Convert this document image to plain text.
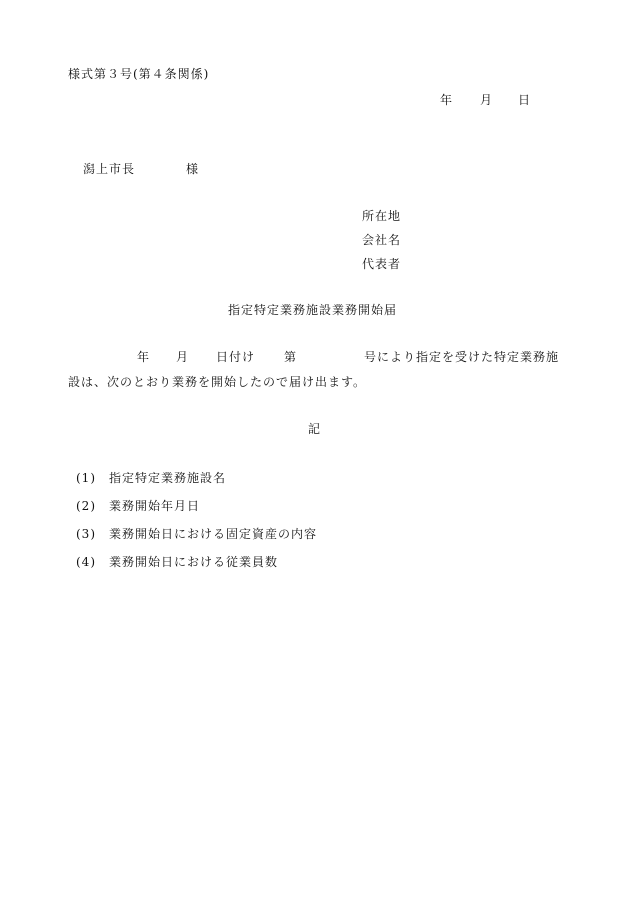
様式第３号(第４条関係)
年 月 日
潟上市長	様
所在地
会社名
代表者
指定特定業務施設業務開始届
年 月 日付け 第	号により指定を受けた特定業務施
設は、次のとおり業務を開始したので届け出ます。
記
(1) 指定特定業務施設名
(2) 業務開始年月日
(3) 業務開始日における固定資産の内容
(4) 業務開始日における従業員数
